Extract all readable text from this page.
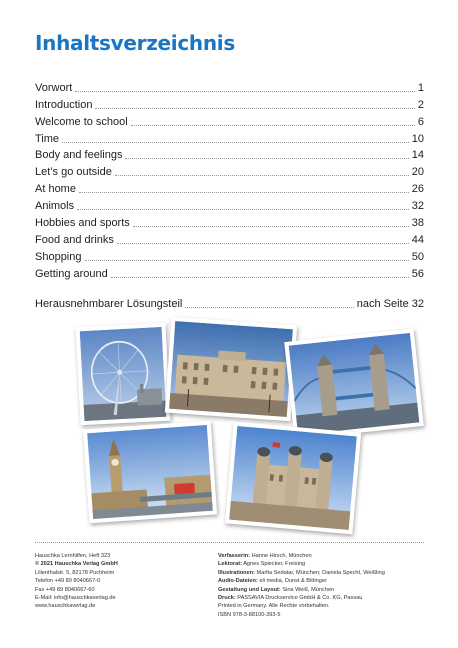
Inhaltsverzeichnis
Vorwort	1
Introduction	2
Welcome to school	6
Time	10
Body and feelings	14
Let’s go outside	20
At home	26
Animols	32
Hobbies and sports	38
Food and drinks	44
Shopping	50
Getting around	56
Herausnehmbarer Lösungsteil	nach Seite 32
Hauschka Lernhilfen, Heft 323
© 2021 Hauschka Verlag GmbH
Lilienthalstr. 5, 82178 Puchheim
Telefon +49 89 8040667-0
Fax +49 89 8040667-60
E-Mail: info@hauschkaverlag.de
www.hauschkaverlag.de
Verfasserin: Hanne Hirsch, München
Lektorat: Agnes Spiecker, Freising
Illustrationen: Marfia Sedatar, München; Daniela Specht, Weißling
Audio-Dateien: eli media, Dunst & Bittinger
Gestaltung und Layout: Sina Weiß, München
Druck: PASSAVIA Druckservice GmbH & Co. KG, Passau
Printed in Germany. Alle Rechte vorbehalten.
ISBN 978-3-88100-393-5
